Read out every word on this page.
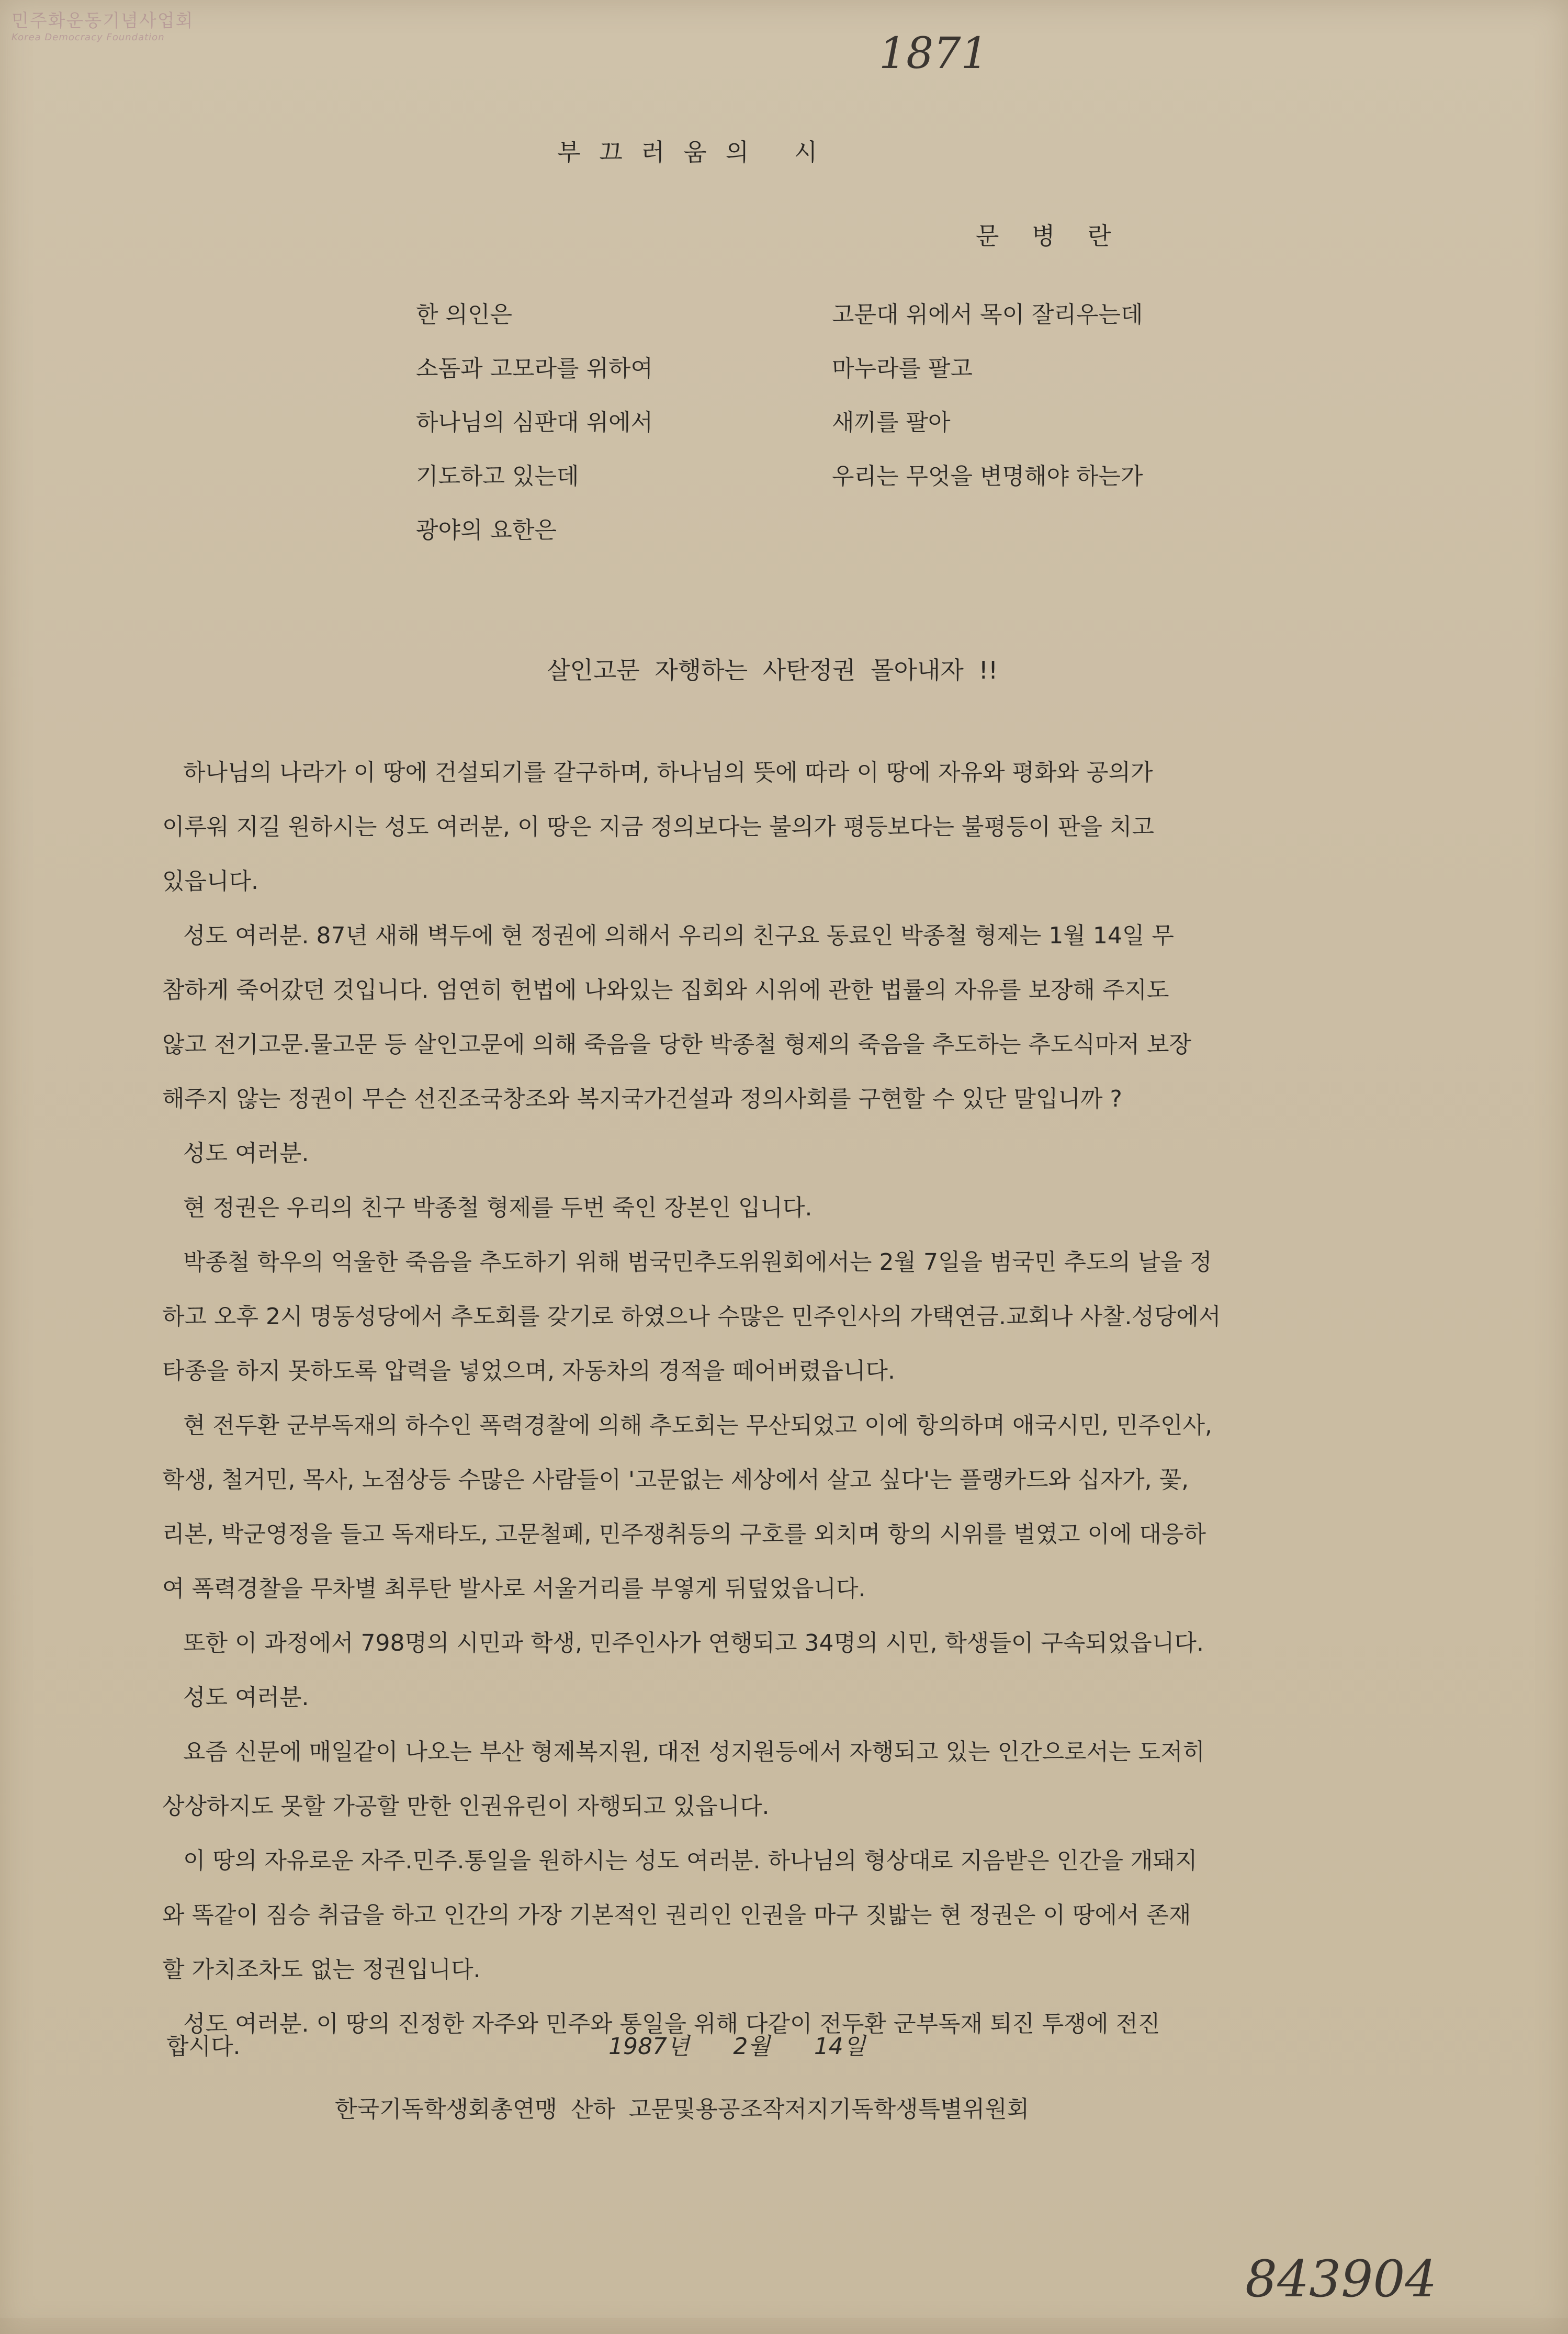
민주화운동기념사업회
Korea Democracy Foundation	1871
부끄러움의 시
문 병 란
한 의인은
소돔과 고모라를 위하여
하나님의 심판대 위에서
기도하고 있는데
광야의 요한은
고문대 위에서 목이 잘리우는데
마누라를 팔고
새끼를 팔아
우리는 무엇을 변명해야 하는가
살인고문 자행하는 사탄정권 몰아내자 !!
하나님의 나라가 이 땅에 건설되기를 갈구하며, 하나님의 뜻에 따라 이 땅에 자유와 평화와 공의가
이루워 지길 원하시는 성도 여러분, 이 땅은 지금 정의보다는 불의가 평등보다는 불평등이 판을 치고
있읍니다.
성도 여러분. 87년 새해 벽두에 현 정권에 의해서 우리의 친구요 동료인 박종철 형제는 1월 14일 무
참하게 죽어갔던 것입니다. 엄연히 헌법에 나와있는 집회와 시위에 관한 법률의 자유를 보장해 주지도
않고 전기고문.물고문 등 살인고문에 의해 죽음을 당한 박종철 형제의 죽음을 추도하는 추도식마저 보장
해주지 않는 정권이 무슨 선진조국창조와 복지국가건설과 정의사회를 구현할 수 있단 말입니까 ?
성도 여러분.
현 정권은 우리의 친구 박종철 형제를 두번 죽인 장본인 입니다.
박종철 학우의 억울한 죽음을 추도하기 위해 범국민추도위원회에서는 2월 7일을 범국민 추도의 날을 정
하고 오후 2시 명동성당에서 추도회를 갖기로 하였으나 수많은 민주인사의 가택연금.교회나 사찰.성당에서
타종을 하지 못하도록 압력을 넣었으며, 자동차의 경적을 떼어버렸읍니다.
현 전두환 군부독재의 하수인 폭력경찰에 의해 추도회는 무산되었고 이에 항의하며 애국시민, 민주인사,
학생, 철거민, 목사, 노점상등 수많은 사람들이 '고문없는 세상에서 살고 싶다'는 플랭카드와 십자가, 꽃,
리본, 박군영정을 들고 독재타도, 고문철폐, 민주쟁취등의 구호를 외치며 항의 시위를 벌였고 이에 대응하
여 폭력경찰을 무차별 최루탄 발사로 서울거리를 부옇게 뒤덮었읍니다.
또한 이 과정에서 798명의 시민과 학생, 민주인사가 연행되고 34명의 시민, 학생들이 구속되었읍니다.
성도 여러분.
요즘 신문에 매일같이 나오는 부산 형제복지원, 대전 성지원등에서 자행되고 있는 인간으로서는 도저히
상상하지도 못할 가공할 만한 인권유린이 자행되고 있읍니다.
이 땅의 자유로운 자주.민주.통일을 원하시는 성도 여러분. 하나님의 형상대로 지음받은 인간을 개돼지
와 똑같이 짐승 취급을 하고 인간의 가장 기본적인 권리인 인권을 마구 짓밟는 현 정권은 이 땅에서 존재
할 가치조차도 없는 정권입니다.
성도 여러분. 이 땅의 진정한 자주와 민주와 통일을 위해 다같이 전두환 군부독재 퇴진 투쟁에 전진
합시다.	1987년      2월      14일
한국기독학생회총연맹 산하 고문및용공조작저지기독학생특별위원회
843904
